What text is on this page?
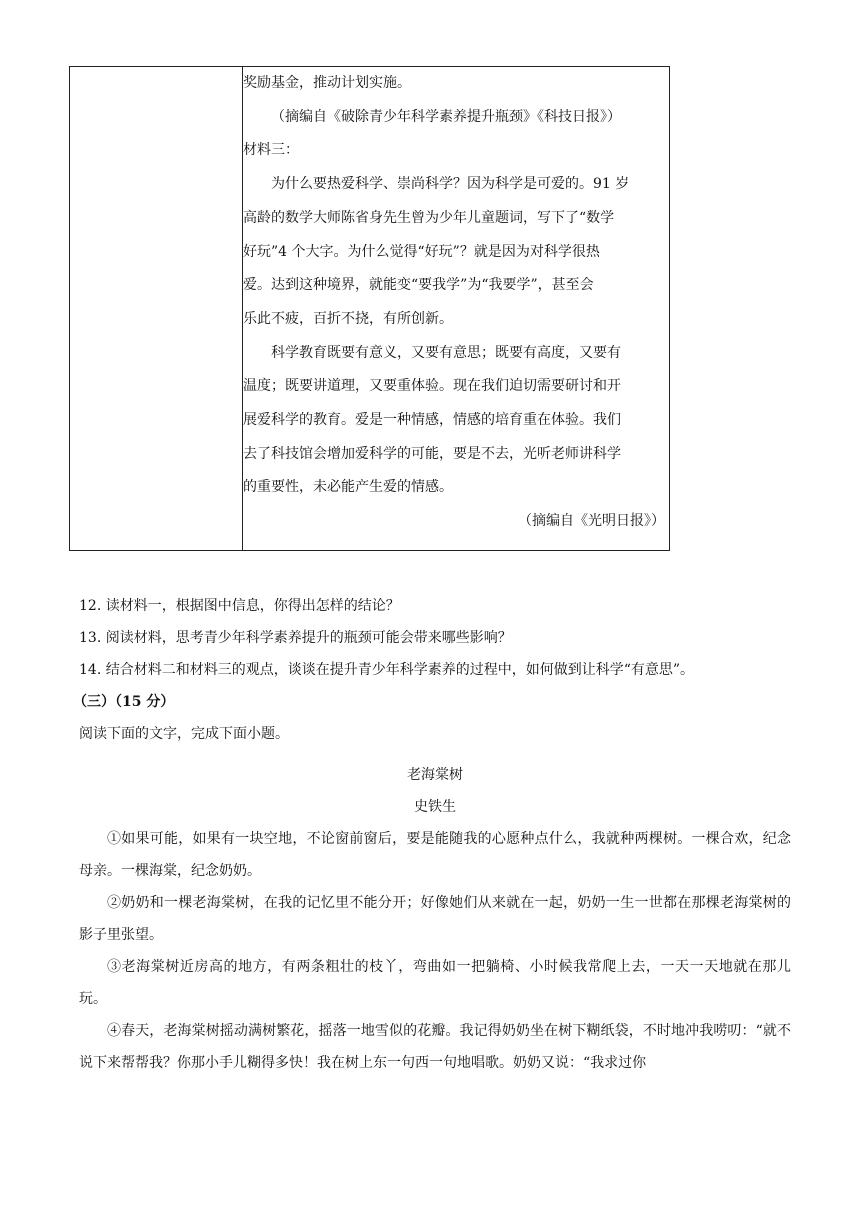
奖励基金，推动计划实施。
（摘编自《破除青少年科学素养提升瓶颈》《科技日报》）
材料三：
为什么要热爱科学、崇尚科学？因为科学是可爱的。91 岁
高龄的数学大师陈省身先生曾为少年儿童题词，写下了“数学
好玩”4 个大字。为什么觉得“好玩”？就是因为对科学很热
爱。达到这种境界，就能变“要我学”为“我要学”，甚至会
乐此不疲，百折不挠，有所创新。
科学教育既要有意义，又要有意思；既要有高度，又要有
温度；既要讲道理，又要重体验。现在我们迫切需要研讨和开
展爱科学的教育。爱是一种情感，情感的培育重在体验。我们
去了科技馆会增加爱科学的可能，要是不去，光听老师讲科学
的重要性，未必能产生爱的情感。
（摘编自《光明日报》）
12. 读材料一，根据图中信息，你得出怎样的结论？
13. 阅读材料，思考青少年科学素养提升的瓶颈可能会带来哪些影响？
14. 结合材料二和材料三的观点，谈谈在提升青少年科学素养的过程中，如何做到让科学“有意思”。
（三）（15 分）
阅读下面的文字，完成下面小题。
老海棠树
史铁生

①如果可能，如果有一块空地，不论窗前窗后，要是能随我的心愿种点什么，我就种两棵树。一棵合欢，纪念母亲。一棵海棠，纪念奶奶。

②奶奶和一棵老海棠树，在我的记忆里不能分开；好像她们从来就在一起，奶奶一生一世都在那棵老海棠树的影子里张望。

③老海棠树近房高的地方，有两条粗壮的枝丫，弯曲如一把躺椅、小时候我常爬上去，一天一天地就在那儿玩。

④春天，老海棠树摇动满树繁花，摇落一地雪似的花瓣。我记得奶奶坐在树下糊纸袋，不时地冲我唠叨：“就不说下来帮帮我？你那小手儿糊得多快！我在树上东一句西一句地唱歌。奶奶又说：“我求过你
